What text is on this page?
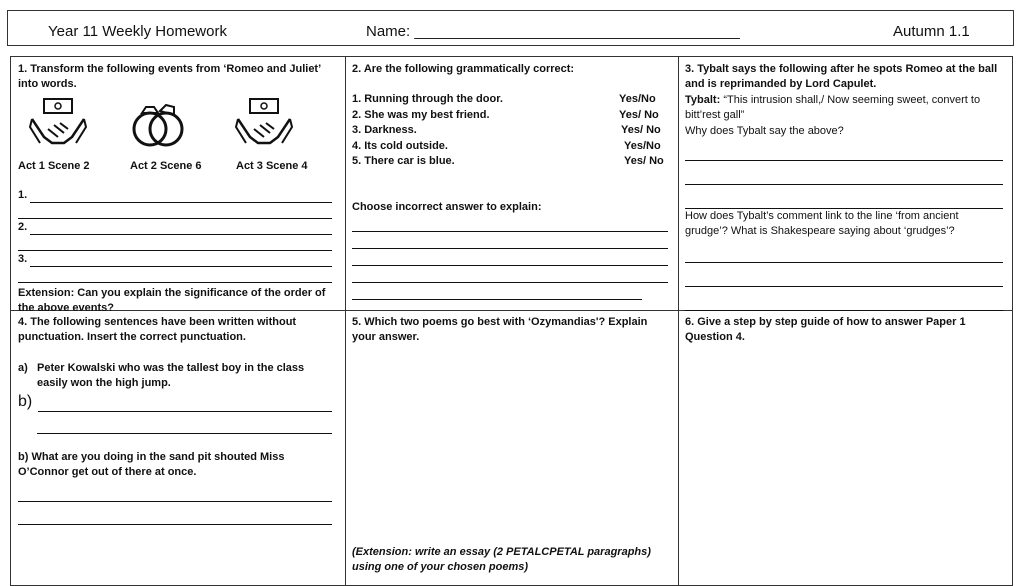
Year 11 Weekly Homework	Name: _______________________________________	Autumn 1.1

1. Transform the following events from ‘Romeo and Juliet’ into words.

Act 1 Scene 2	Act 2 Scene 6	Act 3 Scene 4
1.
2.
3.

Extension: Can you explain the significance of the order of the above events?

2. Are the following grammatically correct:

1. Running through the door.	Yes/No
2. She was my best friend.	Yes/ No
3. Darkness.	Yes/ No
4. Its cold outside.	Yes/No
5. There car is blue.	Yes/ No

Choose incorrect answer to explain:

3. Tybalt says the following after he spots Romeo at the ball and is reprimanded by Lord Capulet.

Tybalt: “This intrusion shall,/ Now seeming sweet, convert to bitt’rest gall”

Why does Tybalt say the above?

How does Tybalt’s comment link to the line ‘from ancient grudge’? What is Shakespeare saying about ‘grudges’?

4. The following sentences have been written without punctuation. Insert the correct punctuation.

a) Peter Kowalski who was the tallest boy in the class easily won the high jump.

b)

b) What are you doing in the sand pit shouted Miss O’Connor get out of there at once.

5. Which two poems go best with ‘Ozymandias'? Explain your answer.

(Extension: write an essay (2 PETALCPETAL paragraphs) using one of your chosen poems)

6. Give a step by step guide of how to answer Paper 1 Question 4.
